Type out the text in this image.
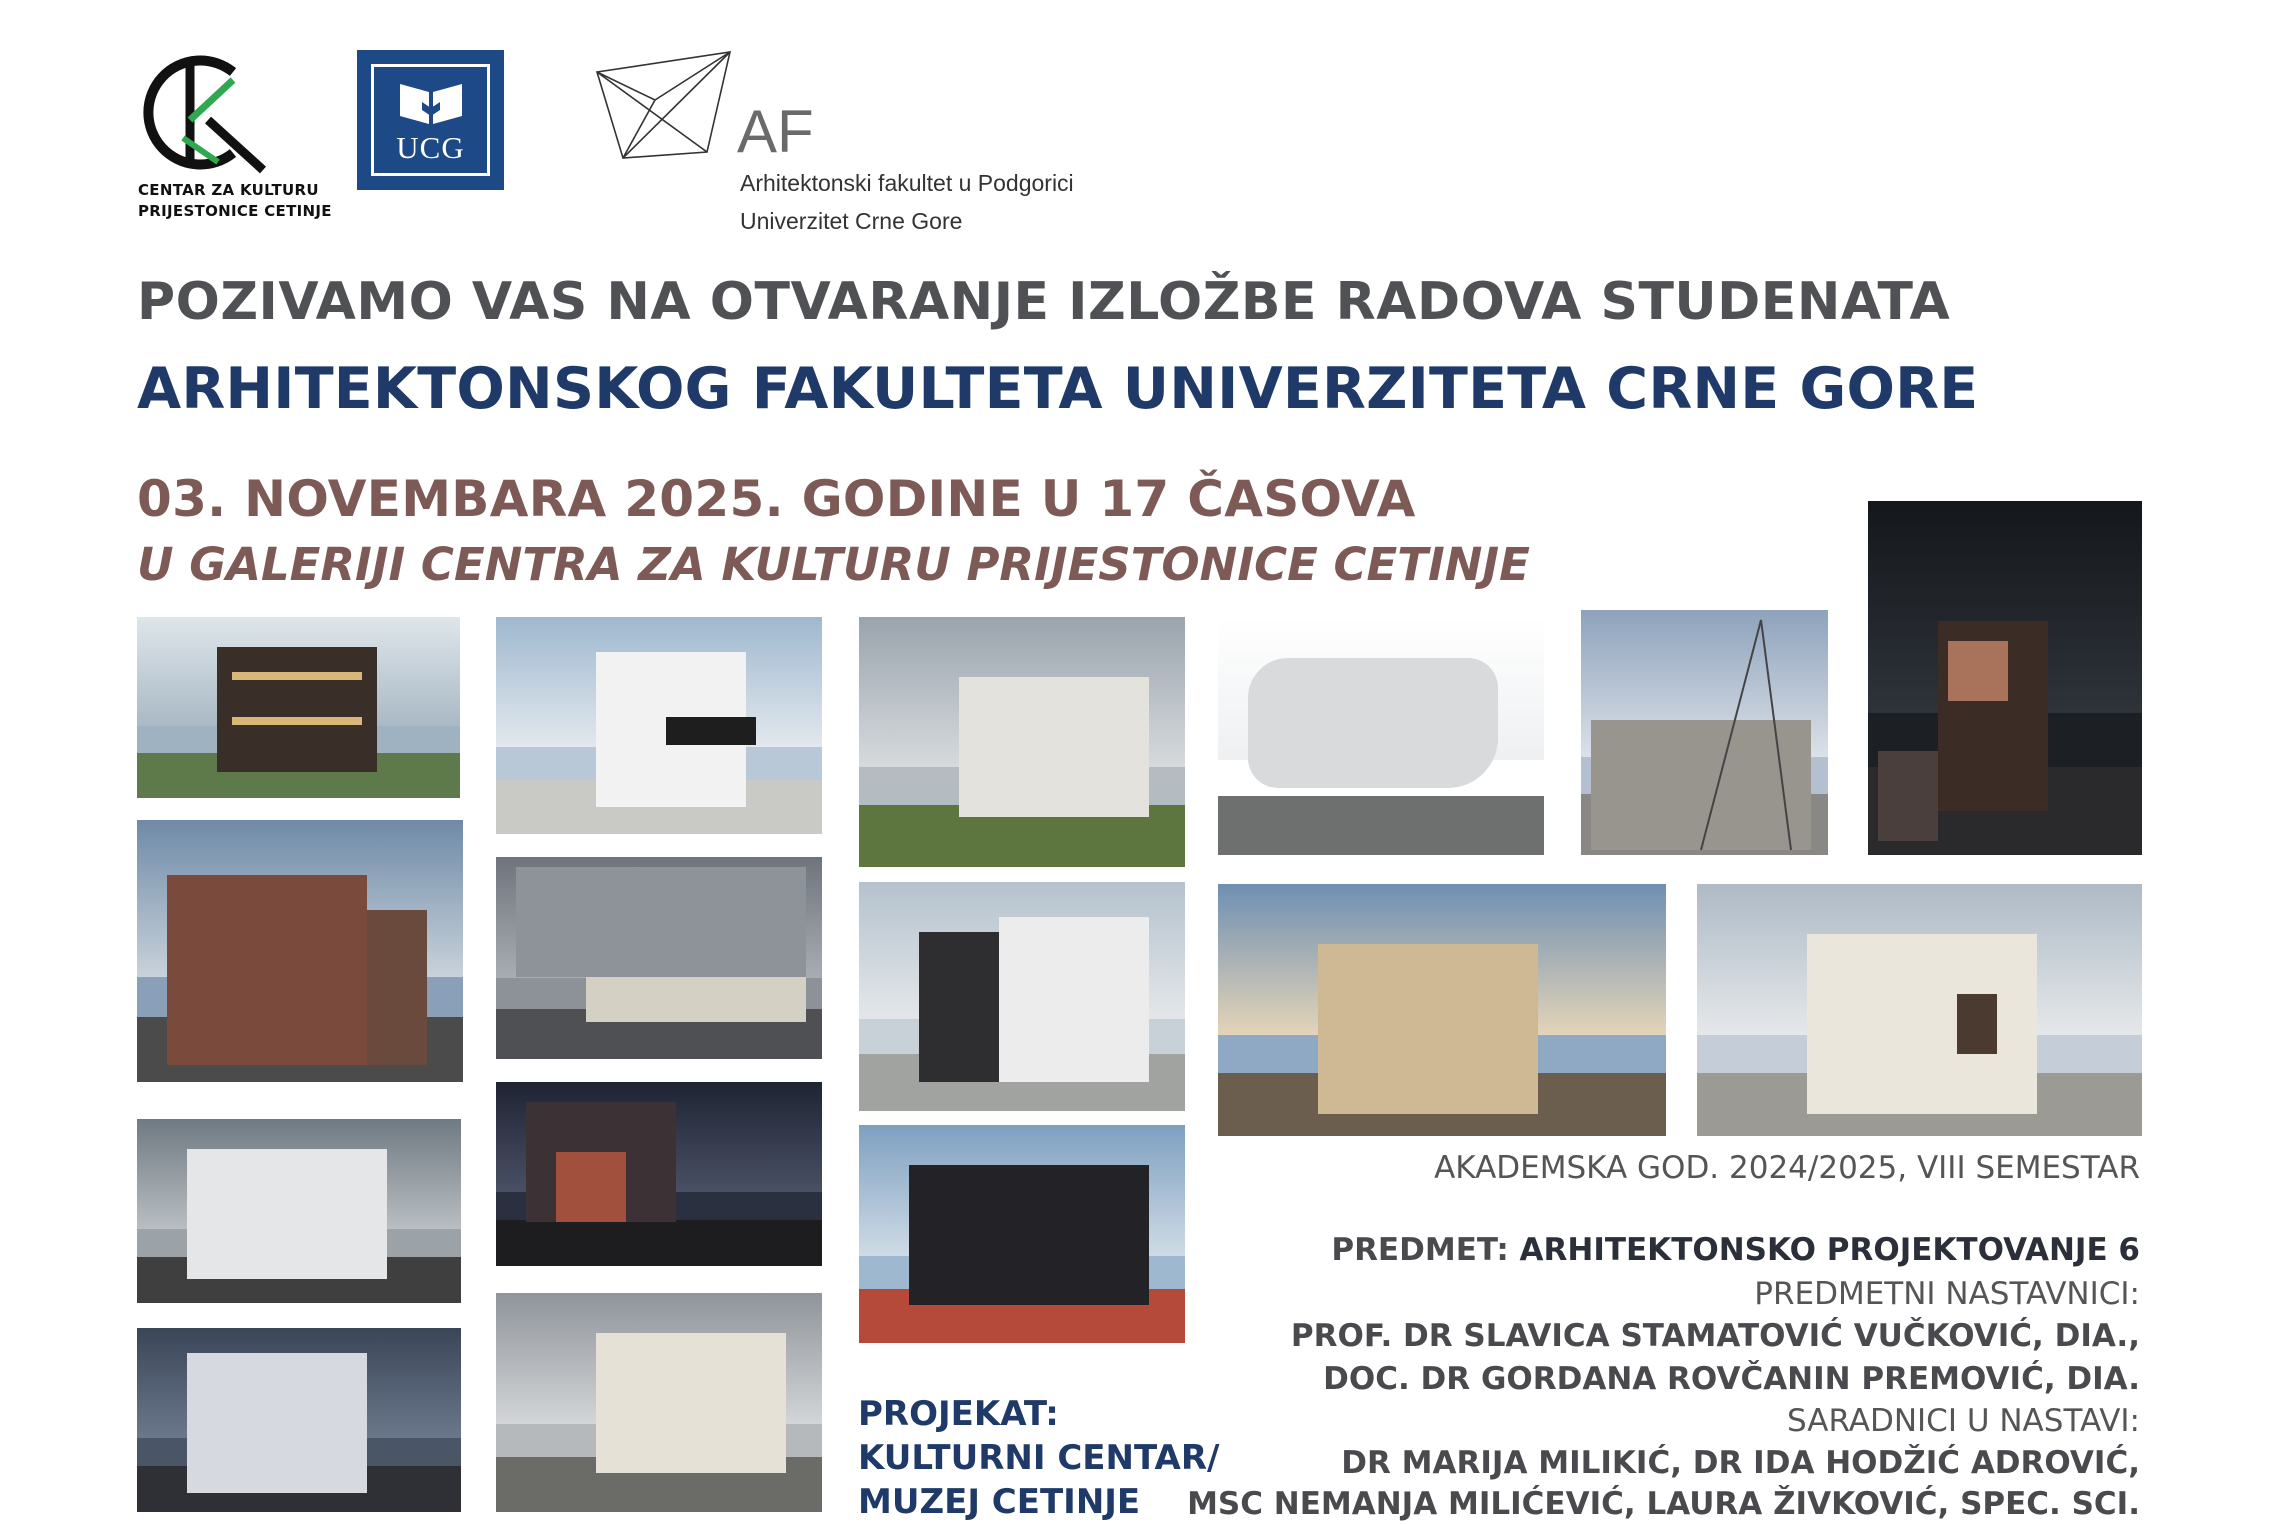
CENTAR ZA KULTURU
PRIJESTONICE CETINJE
UCG	AF
Arhitektonski fakultet u Podgorici
Univerzitet Crne Gore
POZIVAMO VAS NA OTVARANJE IZLOŽBE RADOVA STUDENATA
ARHITEKTONSKOG FAKULTETA UNIVERZITETA CRNE GORE
03. NOVEMBARA 2025. GODINE U 17 ČASOVA
U GALERIJI CENTRA ZA KULTURU PRIJESTONICE CETINJE
AKADEMSKA GOD. 2024/2025, VIII SEMESTAR
PREDMET: ARHITEKTONSKO PROJEKTOVANJE 6
PREDMETNI NASTAVNICI:
PROF. DR SLAVICA STAMATOVIĆ VUČKOVIĆ, DIA.,
DOC. DR GORDANA ROVČANIN PREMOVIĆ, DIA.
SARADNICI U NASTAVI:
DR MARIJA MILIKIĆ, DR IDA HODŽIĆ ADROVIĆ,
MSC NEMANJA MILIĆEVIĆ, LAURA ŽIVKOVIĆ, SPEC. SCI.
PROJEKAT:
KULTURNI CENTAR/
MUZEJ CETINJE
